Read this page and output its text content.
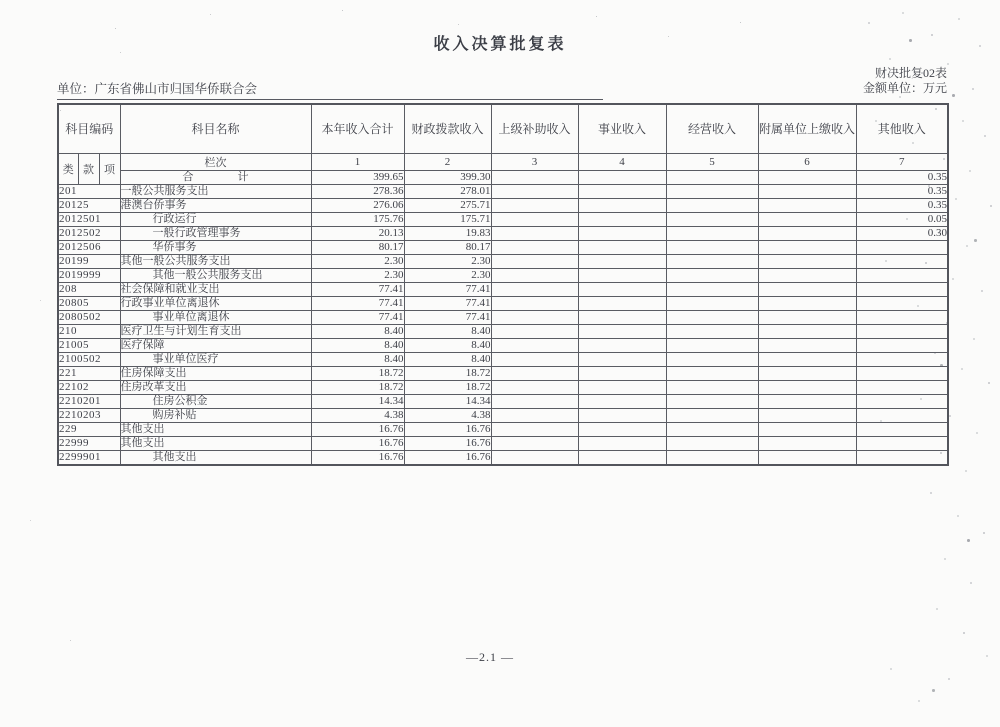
收入决算批复表
单位：广东省佛山市归国华侨联合会
财决批复02表
金额单位：万元
科目编码			科目名称	本年收入合计	财政拨款收入	上级补助收入	事业收入	经营收入	附属单位上缴收入	其他收入
类	款	项	栏次	1	2	3	4	5	6	7
			合　　　　计	399.65	399.30					0.35
201			一般公共服务支出	278.36	278.01					0.35
20125			港澳台侨事务	276.06	275.71					0.35
2012501			行政运行	175.76	175.71					0.05
2012502			一般行政管理事务	20.13	19.83					0.30
2012506			华侨事务	80.17	80.17					
20199			其他一般公共服务支出	2.30	2.30					
2019999			其他一般公共服务支出	2.30	2.30					
208			社会保障和就业支出	77.41	77.41					
20805			行政事业单位离退休	77.41	77.41					
2080502			事业单位离退休	77.41	77.41					
210			医疗卫生与计划生育支出	8.40	8.40					
21005			医疗保障	8.40	8.40					
2100502			事业单位医疗	8.40	8.40					
221			住房保障支出	18.72	18.72					
22102			住房改革支出	18.72	18.72					
2210201			住房公积金	14.34	14.34					
2210203			购房补贴	4.38	4.38					
229			其他支出	16.76	16.76					
22999			其他支出	16.76	16.76					
2299901			其他支出	16.76	16.76					
—2.1 —
